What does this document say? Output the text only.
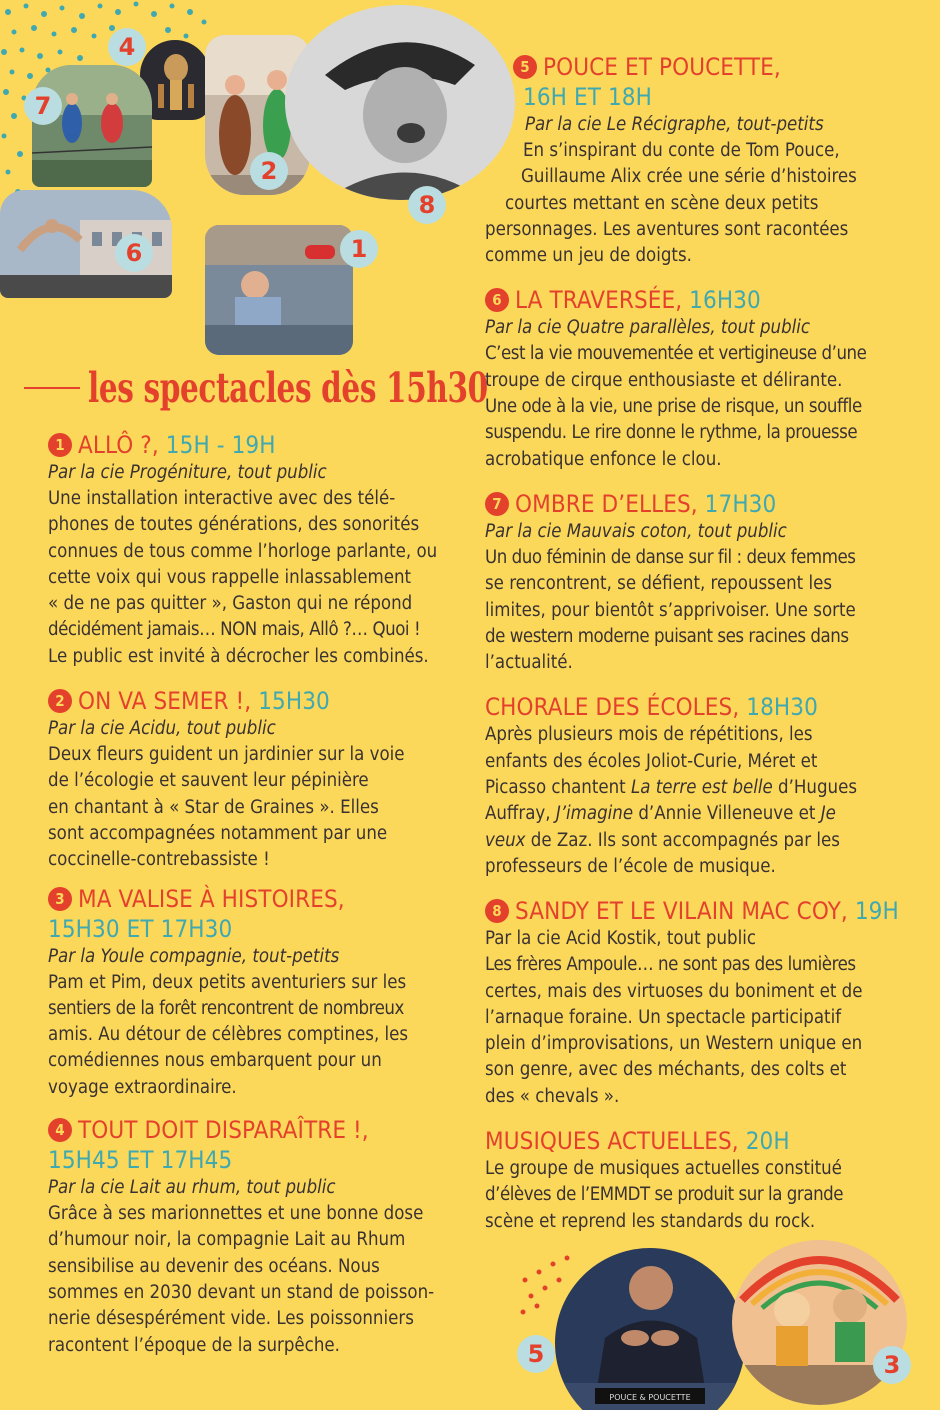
4
7
2
8
6	1
les spectacles dès 15h30
1 ALLÔ ?, 15H - 19H
Par la cie Progéniture, tout public
Une installation interactive avec des télé-
phones de toutes générations, des sonorités
connues de tous comme l’horloge parlante, ou
cette voix qui vous rappelle inlassablement
« de ne pas quitter », Gaston qui ne répond
décidément jamais… NON mais, Allô ?… Quoi !
Le public est invité à décrocher les combinés.
2 ON VA SEMER !, 15H30
Par la cie Acidu, tout public
Deux fleurs guident un jardinier sur la voie
de l’écologie et sauvent leur pépinière
en chantant à « Star de Graines ». Elles
sont accompagnées notamment par une
coccinelle-contrebassiste !
3 MA VALISE À HISTOIRES,
15H30 ET 17H30
Par la Youle compagnie, tout-petits
Pam et Pim, deux petits aventuriers sur les
sentiers de la forêt rencontrent de nombreux
amis. Au détour de célèbres comptines, les
comédiennes nous embarquent pour un
voyage extraordinaire.
4 TOUT DOIT DISPARAÎTRE !,
15H45 ET 17H45
Par la cie Lait au rhum, tout public
Grâce à ses marionnettes et une bonne dose
d’humour noir, la compagnie Lait au Rhum
sensibilise au devenir des océans. Nous
sommes en 2030 devant un stand de poisson-
nerie désespérément vide. Les poissonniers
racontent l’époque de la surpêche.
5 POUCE ET POUCETTE,
16H ET 18H
Par la cie Le Récigraphe, tout-petits
En s’inspirant du conte de Tom Pouce,
Guillaume Alix crée une série d’histoires
courtes mettant en scène deux petits
personnages. Les aventures sont racontées
comme un jeu de doigts.
6 LA TRAVERSÉE, 16H30
Par la cie Quatre parallèles, tout public
C’est la vie mouvementée et vertigineuse d’une
troupe de cirque enthousiaste et délirante.
Une ode à la vie, une prise de risque, un souffle
suspendu. Le rire donne le rythme, la prouesse
acrobatique enfonce le clou.
7 OMBRE D’ELLES, 17H30
Par la cie Mauvais coton, tout public
Un duo féminin de danse sur fil : deux femmes
se rencontrent, se défient, repoussent les
limites, pour bientôt s’apprivoiser. Une sorte
de western moderne puisant ses racines dans
l’actualité.
CHORALE DES ÉCOLES, 18H30
Après plusieurs mois de répétitions, les
enfants des écoles Joliot-Curie, Méret et
Picasso chantent La terre est belle d’Hugues
Auffray, J’imagine d’Annie Villeneuve et Je
veux de Zaz. Ils sont accompagnés par les
professeurs de l’école de musique.
8 SANDY ET LE VILAIN MAC COY, 19H
Par la cie Acid Kostik, tout public
Les frères Ampoule… ne sont pas des lumières
certes, mais des virtuoses du boniment et de
l’arnaque foraine. Un spectacle participatif
plein d’improvisations, un Western unique en
son genre, avec des méchants, des colts et
des « chevals ».
MUSIQUES ACTUELLES, 20H
Le groupe de musiques actuelles constitué
d’élèves de l’EMMDT se produit sur la grande
scène et reprend les standards du rock.
POUCE & POUCETTE
5	3
